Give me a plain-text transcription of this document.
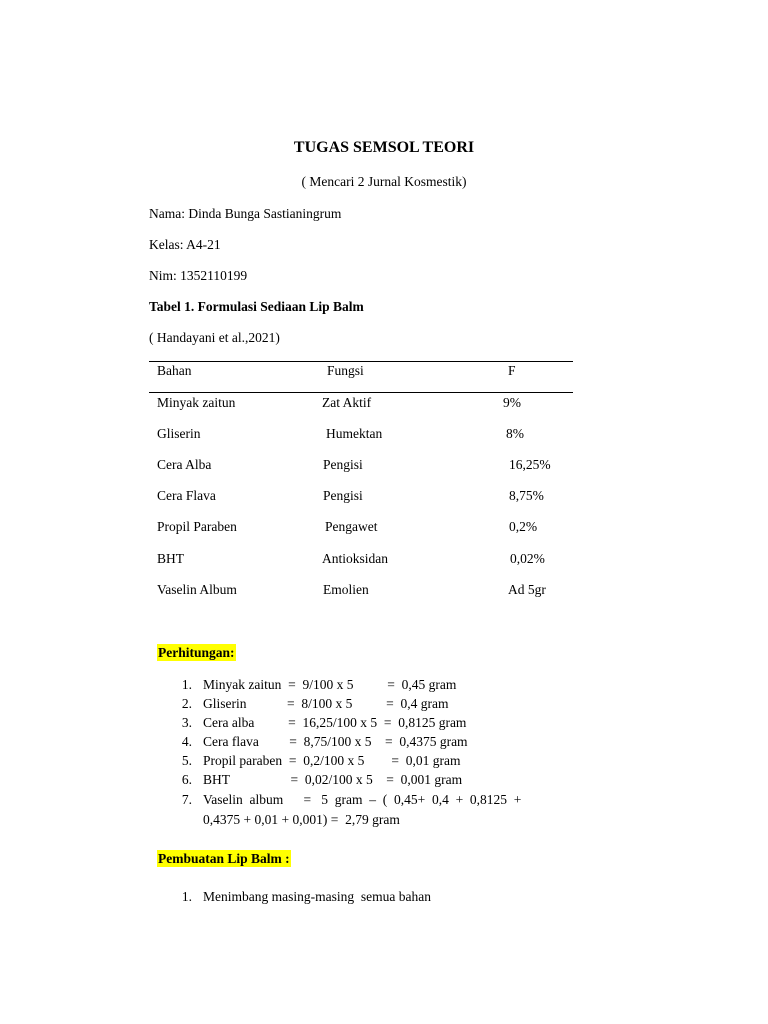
TUGAS SEMSOL TEORI
( Mencari 2 Jurnal Kosmestik)
Nama: Dinda Bunga Sastianingrum
Kelas: A4-21
Nim: 1352110199
Tabel 1. Formulasi Sediaan Lip Balm
( Handayani et al.,2021)
Bahan	Fungsi	F
Minyak zaitun	Zat Aktif	9%
Gliserin	Humektan	8%
Cera Alba	Pengisi	16,25%
Cera Flava	Pengisi	8,75%
Propil Paraben	Pengawet	0,2%
BHT	Antioksidan	0,02%
Vaselin Album	Emolien	Ad 5gr
Perhitungan:
1. Minyak zaitun  =  9/100 x 5          =  0,45 gram
2. Gliserin            =  8/100 x 5          =  0,4 gram
3. Cera alba          =  16,25/100 x 5  =  0,8125 gram
4. Cera flava         =  8,75/100 x 5    =  0,4375 gram
5. Propil paraben  =  0,2/100 x 5        =  0,01 gram
6. BHT                  =  0,02/100 x 5    =  0,001 gram
7. Vaselin  album      =   5  gram  –  (  0,45+  0,4  +  0,8125  +
0,4375 + 0,01 + 0,001) =  2,79 gram
Pembuatan Lip Balm :
1. Menimbang masing-masing  semua bahan
